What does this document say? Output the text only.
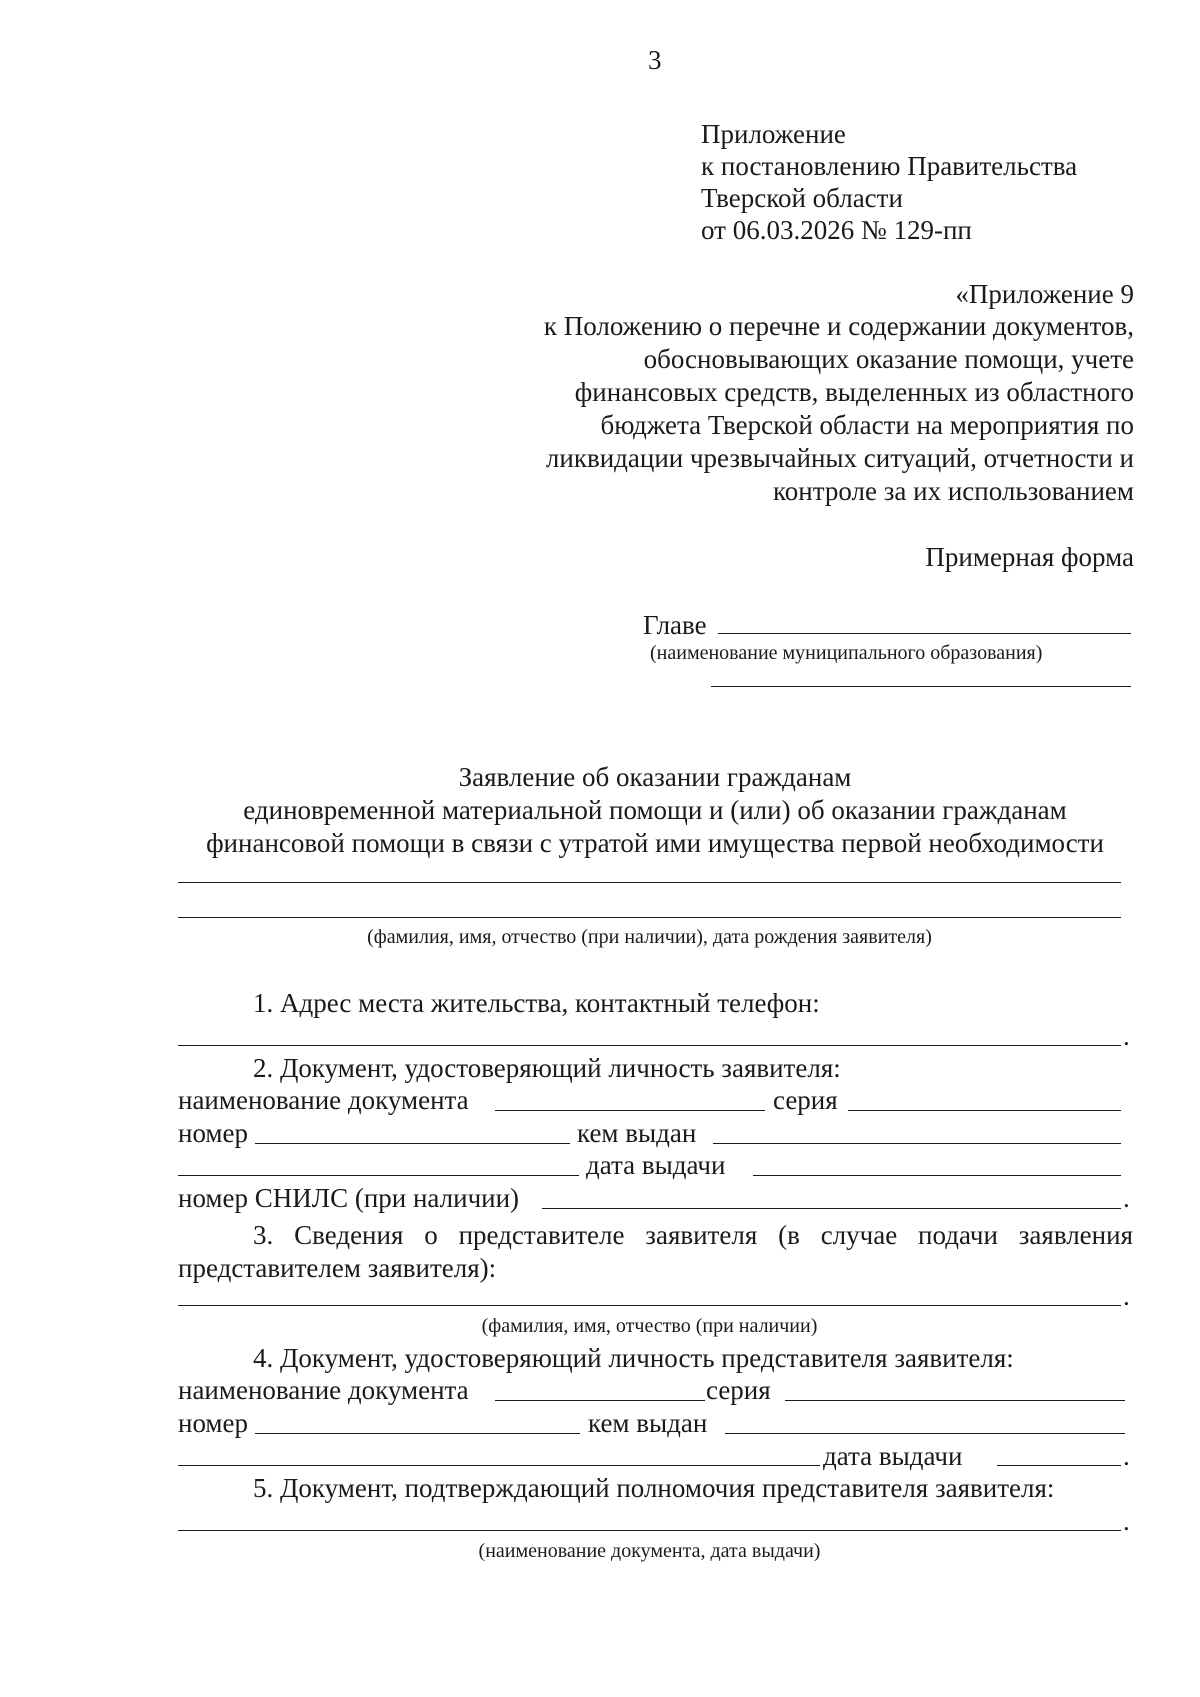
3
Приложение
к постановлению Правительства
Тверской области
от 06.03.2026 № 129-пп
«Приложение 9
к Положению о перечне и содержании документов,
обосновывающих оказание помощи, учете
финансовых средств, выделенных из областного
бюджета Тверской области на мероприятия по
ликвидации чрезвычайных ситуаций, отчетности и
контроле за их использованием
Примерная форма
Главе
(наименование муниципального образования)
Заявление об оказании гражданам
единовременной материальной помощи и (или) об оказании гражданам
финансовой помощи в связи с утратой ими имущества первой необходимости
(фамилия, имя, отчество (при наличии), дата рождения заявителя)
1. Адрес места жительства, контактный телефон:
.
2. Документ, удостоверяющий личность заявителя:
наименование документа	серия
номер	кем выдан
дата выдачи
номер СНИЛС (при наличии)	.
3. Сведения о представителе заявителя (в случае подачи заявления
представителем заявителя):
.
(фамилия, имя, отчество (при наличии)
4. Документ, удостоверяющий личность представителя заявителя:
наименование документа	серия
номер	кем выдан
дата выдачи	.
5. Документ, подтверждающий полномочия представителя заявителя:
.
(наименование документа, дата выдачи)
